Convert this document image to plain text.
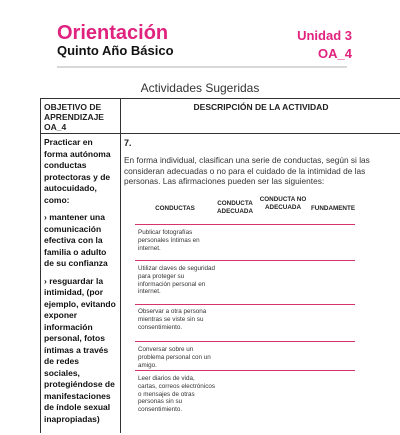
Orientación
Quinto Año Básico
Unidad 3
OA_4
Actividades Sugeridas
OBJETIVO DE APRENDIZAJE OA_4
DESCRIPCIÓN DE LA ACTIVIDAD
Practicar en forma autónoma conductas protectoras y de autocuidado, como:
› mantener una comunicación efectiva con la familia o adulto de su confianza
› resguardar la intimidad, (por ejemplo, evitando exponer información personal, fotos íntimas a través de redes sociales, protegiéndose de manifestaciones de índole sexual inapropiadas)
7.
En forma individual, clasifican una serie de conductas, según si las consideran adecuadas o no para el cuidado de la intimidad de las personas. Las afirmaciones pueden ser las siguientes:
CONDUCTAS
CONDUCTA ADECUADA
CONDUCTA NO ADECUADA	FUNDAMENTE
Publicar fotografías personales íntimas en internet.
Utilizar claves de seguridad para proteger su información personal en internet.
Observar a otra persona mientras se viste sin su consentimiento.
Conversar sobre un problema personal con un amigo.
Leer diarios de vida, cartas, correos electrónicos o mensajes de otras personas sin su consentimiento.
